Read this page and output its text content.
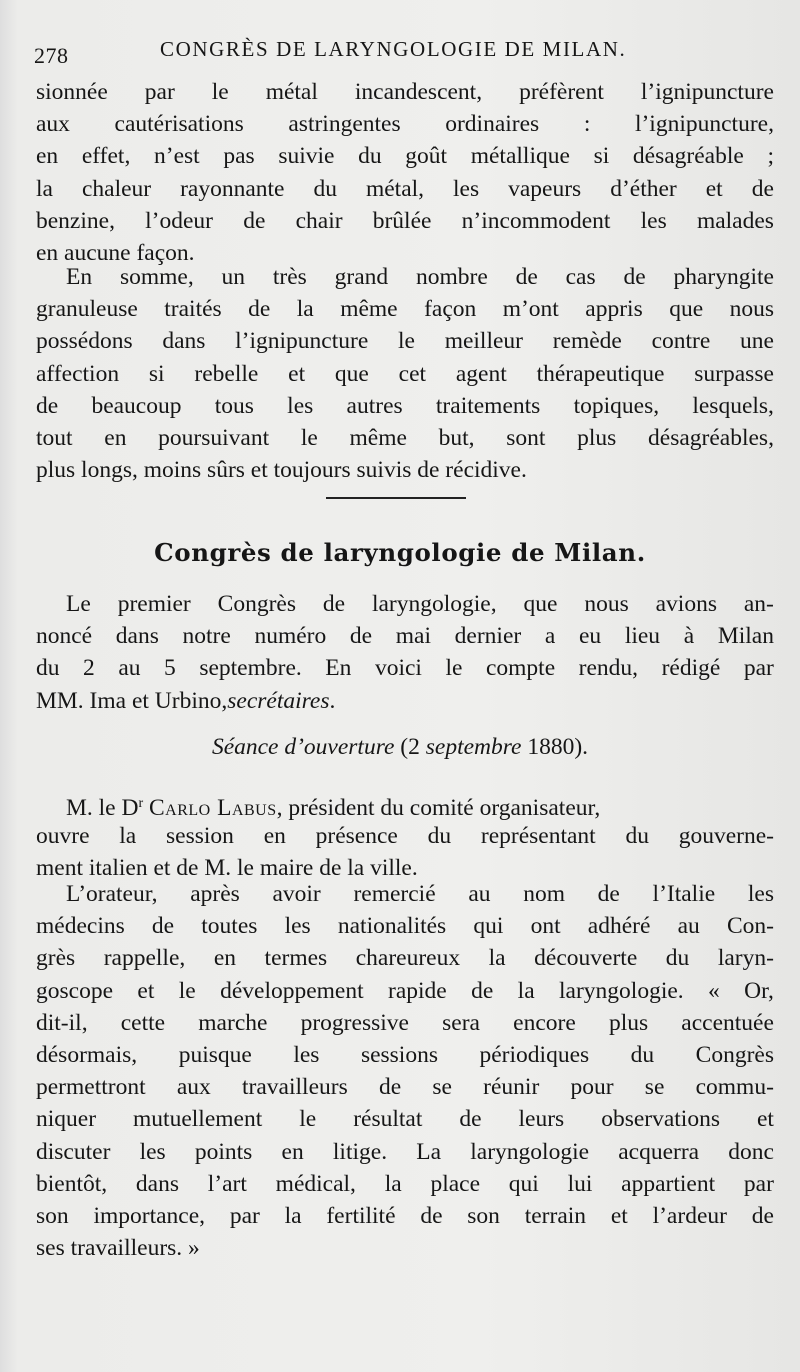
278	CONGRÈS DE LARYNGOLOGIE DE MILAN.
sionnée par le métal incandescent, préfèrent l’ignipuncture
aux cautérisations astringentes ordinaires : l’ignipuncture,
en effet, n’est pas suivie du goût métallique si désagréable ;
la chaleur rayonnante du métal, les vapeurs d’éther et de
benzine, l’odeur de chair brûlée n’incommodent les malades
en aucune façon.
En somme, un très grand nombre de cas de pharyngite
granuleuse traités de la même façon m’ont appris que nous
possédons dans l’ignipuncture le meilleur remède contre une
affection si rebelle et que cet agent thérapeutique surpasse
de beaucoup tous les autres traitements topiques, lesquels,
tout en poursuivant le même but, sont plus désagréables,
plus longs, moins sûrs et toujours suivis de récidive.
Congrès de laryngologie de Milan.
Le premier Congrès de laryngologie, que nous avions an-
noncé dans notre numéro de mai dernier a eu lieu à Milan
du 2 au 5 septembre. En voici le compte rendu, rédigé par
MM. Ima et Urbino, secrétaires .
Séance d’ouverture (2 septembre 1880).
M. le $D^r$ Carlo Labus, président du comité organisateur,
ouvre la session en présence du représentant du gouverne-
ment italien et de M. le maire de la ville.
L’orateur, après avoir remercié au nom de l’Italie les
médecins de toutes les nationalités qui ont adhéré au Con-
grès rappelle, en termes chareureux la découverte du laryn-
goscope et le développement rapide de la laryngologie. « Or,
dit-il, cette marche progressive sera encore plus accentuée
désormais, puisque les sessions périodiques du Congrès
permettront aux travailleurs de se réunir pour se commu-
niquer mutuellement le résultat de leurs observations et
discuter les points en litige. La laryngologie acquerra donc
bientôt, dans l’art médical, la place qui lui appartient par
son importance, par la fertilité de son terrain et l’ardeur de
ses travailleurs. »
